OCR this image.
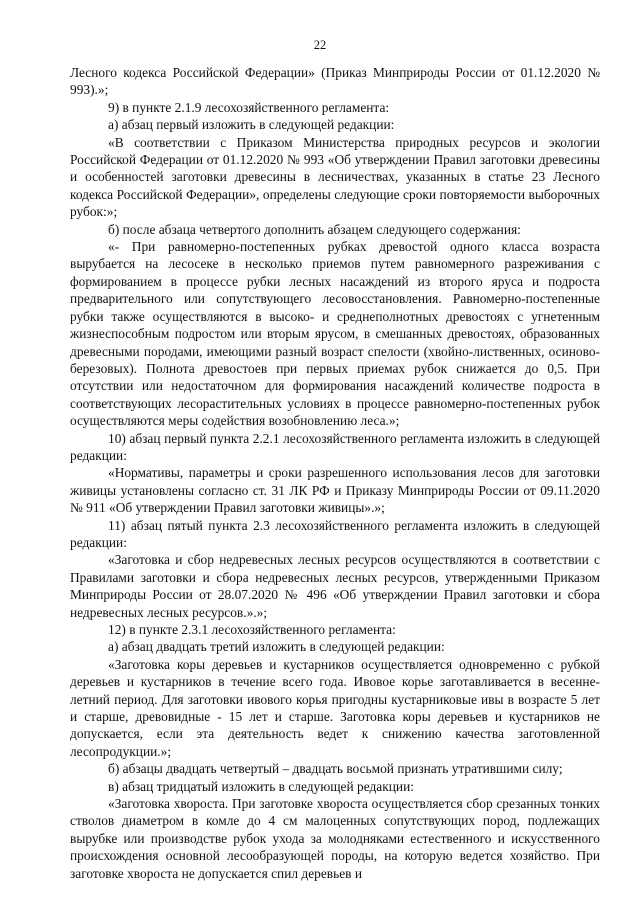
22

Лесного кодекса Российской Федерации» (Приказ Минприроды России от 01.12.2020 № 993).»;

9) в пункте 2.1.9 лесохозяйственного регламента:

а) абзац первый изложить в следующей редакции:

«В соответствии с Приказом Министерства природных ресурсов и экологии Российской Федерации от 01.12.2020 № 993 «Об утверждении Правил заготовки древесины и особенностей заготовки древесины в лесничествах, указанных в статье 23 Лесного кодекса Российской Федерации», определены следующие сроки повторяемости выборочных рубок:»;

б) после абзаца четвертого дополнить абзацем следующего содержания:

«- При равномерно-постепенных рубках древостой одного класса возраста вырубается на лесосеке в несколько приемов путем равномерного разреживания с формированием в процессе рубки лесных насаждений из второго яруса и подроста предварительного или сопутствующего лесовосстановления. Равномерно-постепенные рубки также осуществляются в высоко- и среднеполнотных древостоях с угнетенным жизнеспособным подростом или вторым ярусом, в смешанных древостоях, образованных древесными породами, имеющими разный возраст спелости (хвойно-лиственных, осиново-березовых). Полнота древостоев при первых приемах рубок снижается до 0,5. При отсутствии или недостаточном для формирования насаждений количестве подроста в соответствующих лесорастительных условиях в процессе равномерно-постепенных рубок осуществляются меры содействия возобновлению леса.»;

10) абзац первый пункта 2.2.1 лесохозяйственного регламента изложить в следующей редакции:

«Нормативы, параметры и сроки разрешенного использования лесов для заготовки живицы установлены согласно ст. 31 ЛК РФ и Приказу Минприроды России от 09.11.2020 № 911 «Об утверждении Правил заготовки живицы».»;

11) абзац пятый пункта 2.3 лесохозяйственного регламента изложить в следующей редакции:

«Заготовка и сбор недревесных лесных ресурсов осуществляются в соответствии с Правилами заготовки и сбора недревесных лесных ресурсов, утвержденными Приказом Минприроды России от 28.07.2020 № 496 «Об утверждении Правил заготовки и сбора недревесных лесных ресурсов.».»;

12) в пункте 2.3.1 лесохозяйственного регламента:

а) абзац двадцать третий изложить в следующей редакции:

«Заготовка коры деревьев и кустарников осуществляется одновременно с рубкой деревьев и кустарников в течение всего года. Ивовое корье заготавливается в весенне-летний период. Для заготовки ивового корья пригодны кустарниковые ивы в возрасте 5 лет и старше, древовидные - 15 лет и старше. Заготовка коры деревьев и кустарников не допускается, если эта деятельность ведет к снижению качества заготовленной лесопродукции.»;

б) абзацы двадцать четвертый – двадцать восьмой признать утратившими силу;

в) абзац тридцатый изложить в следующей редакции:

«Заготовка хвороста. При заготовке хвороста осуществляется сбор срезанных тонких стволов диаметром в комле до 4 см малоценных сопутствующих пород, подлежащих вырубке или производстве рубок ухода за молодняками естественного и искусственного происхождения основной лесообразующей породы, на которую ведется хозяйство. При заготовке хвороста не допускается спил деревьев и
